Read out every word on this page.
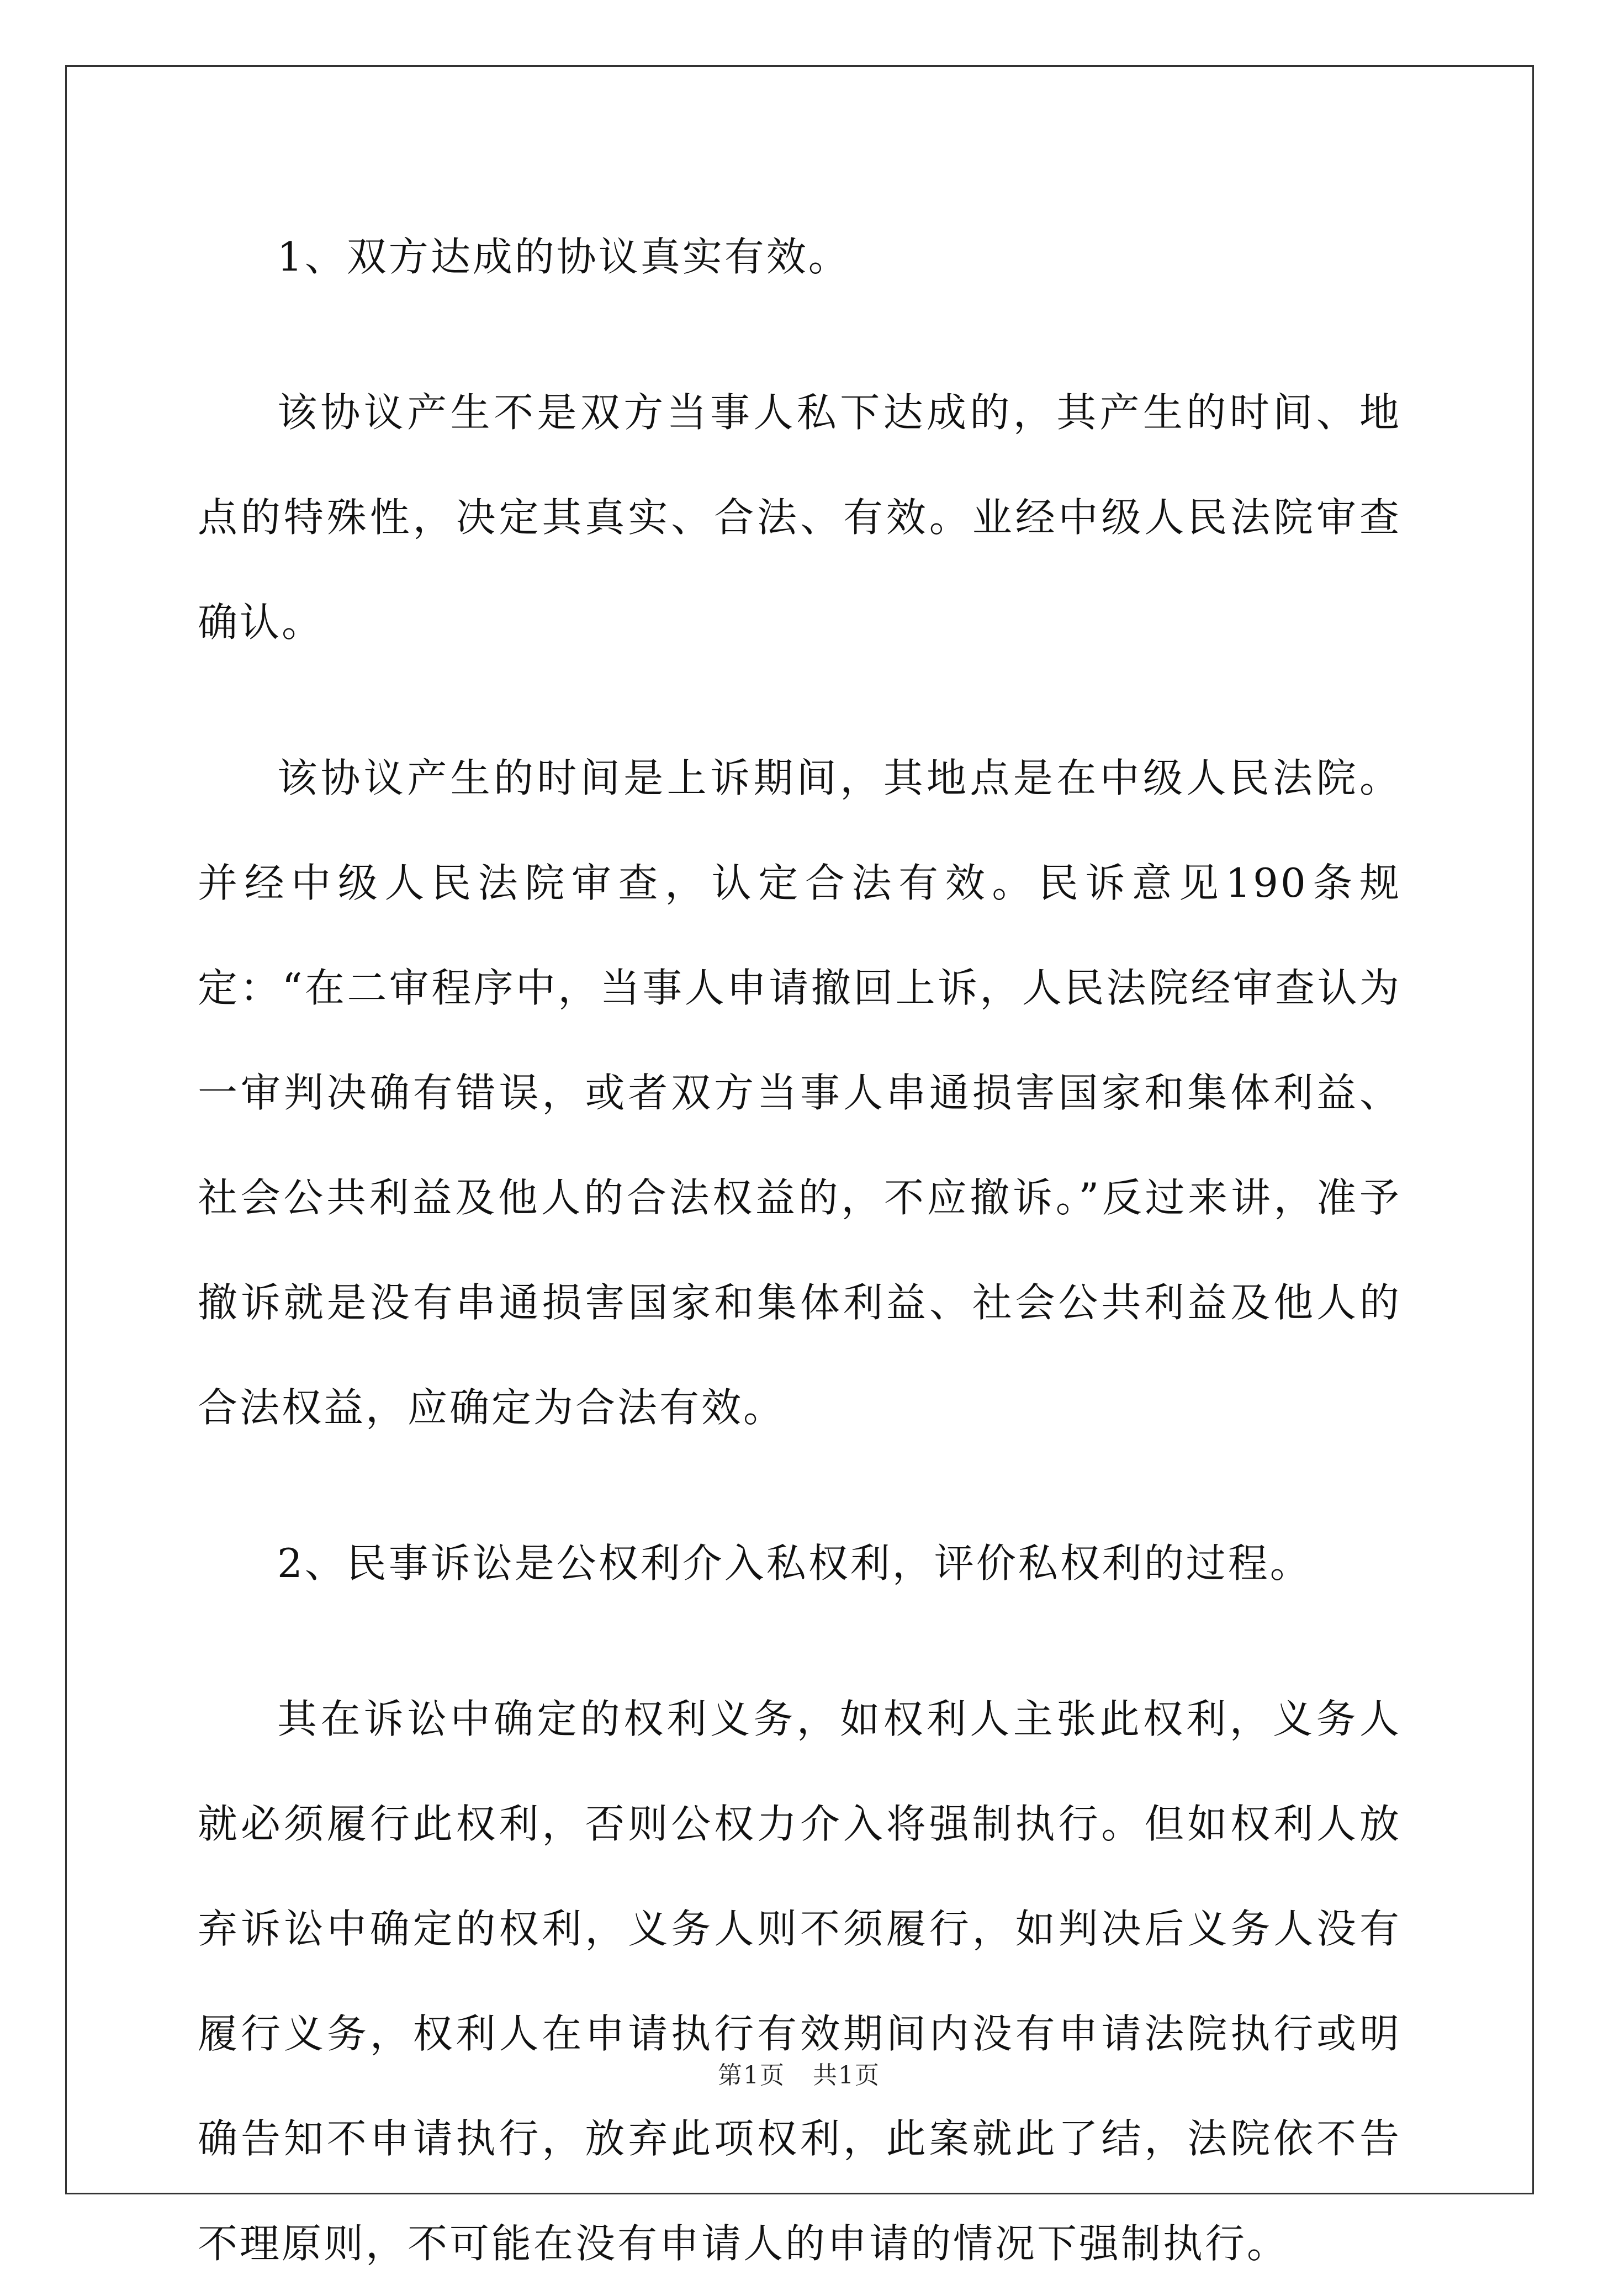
1、双方达成的协议真实有效。

该协议产生不是双方当事人私下达成的，其产生的时间、地点的特殊性，决定其真实、合法、有效。业经中级人民法院审查确认。

该协议产生的时间是上诉期间，其地点是在中级人民法院。并经中级人民法院审查，认定合法有效。民诉意见190条规定：“在二审程序中，当事人申请撤回上诉，人民法院经审查认为一审判决确有错误，或者双方当事人串通损害国家和集体利益、社会公共利益及他人的合法权益的，不应撤诉。”反过来讲，准予撤诉就是没有串通损害国家和集体利益、社会公共利益及他人的合法权益，应确定为合法有效。

2、民事诉讼是公权利介入私权利，评价私权利的过程。

其在诉讼中确定的权利义务，如权利人主张此权利，义务人就必须履行此权利，否则公权力介入将强制执行。但如权利人放弃诉讼中确定的权利，义务人则不须履行，如判决后义务人没有履行义务，权利人在申请执行有效期间内没有申请法院执行或明确告知不申请执行，放弃此项权利，此案就此了结，法院依不告不理原则，不可能在没有申请人的申请的情况下强制执行。

第1页 共1页
